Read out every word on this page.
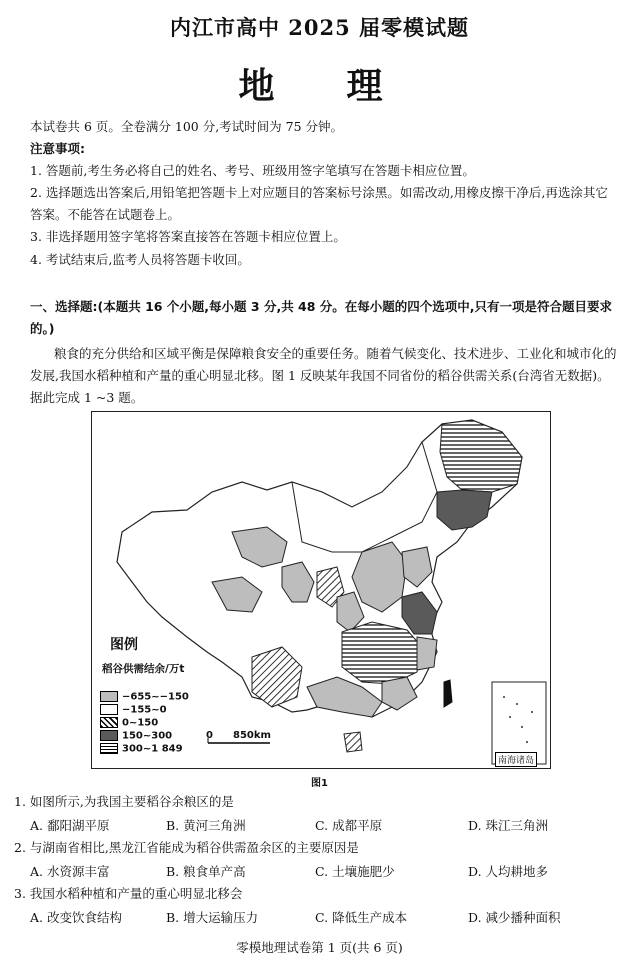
内江市高中 2025 届零模试题
地　理
本试卷共 6 页。全卷满分 100 分,考试时间为 75 分钟。
注意事项:
1. 答题前,考生务必将自己的姓名、考号、班级用签字笔填写在答题卡相应位置。
2. 选择题选出答案后,用铅笔把答题卡上对应题目的答案标号涂黑。如需改动,用橡皮擦干净后,再选涂其它答案。不能答在试题卷上。
3. 非选择题用签字笔将答案直接答在答题卡相应位置上。
4. 考试结束后,监考人员将答题卡收回。
一、选择题:(本题共 16 个小题,每小题 3 分,共 48 分。在每小题的四个选项中,只有一项是符合题目要求的。)
粮食的充分供给和区域平衡是保障粮食安全的重要任务。随着气候变化、技术进步、工业化和城市化的发展,我国水稻种植和产量的重心明显北移。图 1 反映某年我国不同省份的稻谷供需关系(台湾省无数据)。据此完成 1 ~3 题。
图例
稻谷供需结余/万t
−655~−150
−155~0
0~150
150~300
300~1 849
0 850km
南海诸岛
图1
1. 如图所示,为我国主要稻谷余粮区的是
A. 鄱阳湖平原	B. 黄河三角洲	C. 成都平原	D. 珠江三角洲
2. 与湖南省相比,黑龙江省能成为稻谷供需盈余区的主要原因是
A. 水资源丰富	B. 粮食单产高	C. 土壤施肥少	D. 人均耕地多
3. 我国水稻种植和产量的重心明显北移会
A. 改变饮食结构	B. 增大运输压力	C. 降低生产成本	D. 减少播种面积
零模地理试卷第 1 页(共 6 页)
